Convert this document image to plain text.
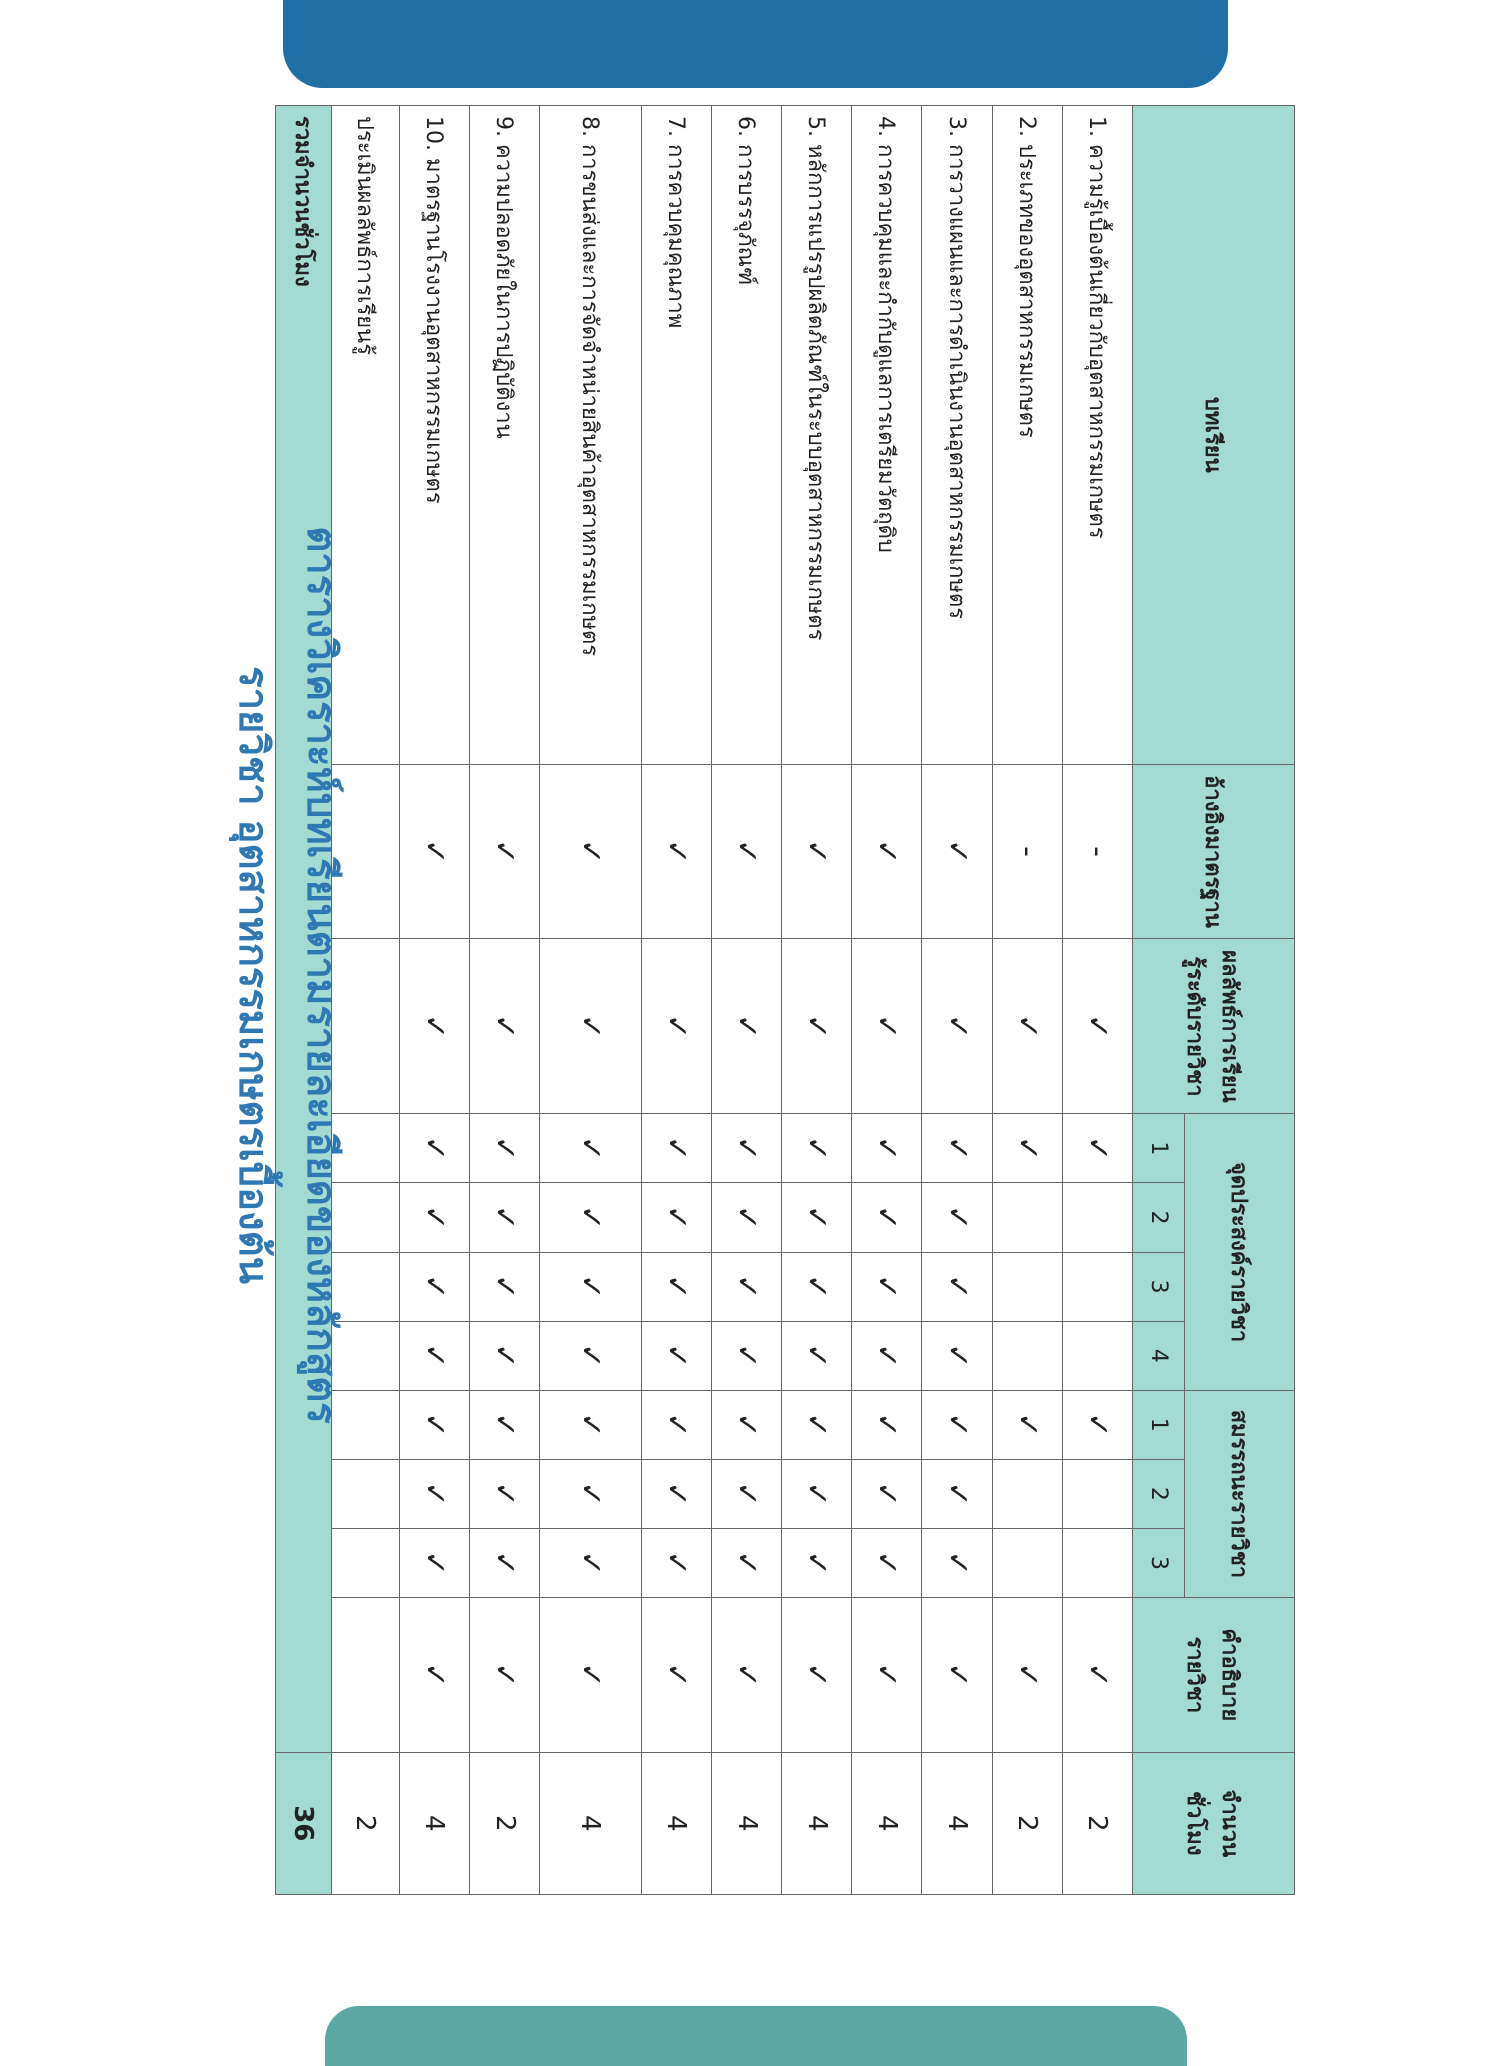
บทเรียน	อ้างอิงมาตรฐาน	ผลลัพธ์การเรียนรู้ระดับรายวิชา	จุดประสงค์รายวิชา				สมรรถนะรายวิชา			คำอธิบายรายวิชา	จำนวนชั่วโมง
			1	2	3	4	1	2	3		
1. ความรู้เบื้องต้นเกี่ยวกับอุตสาหกรรมเกษตร	-	✓	✓				✓			✓	2
2. ประเภทของอุตสาหกรรมเกษตร	-	✓	✓				✓			✓	2
3. การวางแผนและการดำเนินงานอุตสาหกรรมเกษตร	✓	✓	✓	✓	✓	✓	✓	✓	✓	✓	4
4. การควบคุมและกำกับดูแลการเตรียมวัตถุดิบ	✓	✓	✓	✓	✓	✓	✓	✓	✓	✓	4
5. หลักการแปรรูปผลิตภัณฑ์ในระบบอุตสาหกรรมเกษตร	✓	✓	✓	✓	✓	✓	✓	✓	✓	✓	4
6. การบรรจุภัณฑ์	✓	✓	✓	✓	✓	✓	✓	✓	✓	✓	4
7. การควบคุมคุณภาพ	✓	✓	✓	✓	✓	✓	✓	✓	✓	✓	4
8. การขนส่งและการจัดจำหน่ายสินค้าอุตสาหกรรมเกษตร	✓	✓	✓	✓	✓	✓	✓	✓	✓	✓	4
9. ความปลอดภัยในการปฏิบัติงาน	✓	✓	✓	✓	✓	✓	✓	✓	✓	✓	2
10. มาตรฐานโรงงานอุตสาหกรรมเกษตร	✓	✓	✓	✓	✓	✓	✓	✓	✓	✓	4
ประเมินผลลัพธ์การเรียนรู้											2
รวมจำนวนชั่วโมง											36
ตารางวิเคราะห์บทเรียนตามรายละเอียดของหลักสูตร
รายวิชา อุตสาหกรรมเกษตรเบื้องต้น
